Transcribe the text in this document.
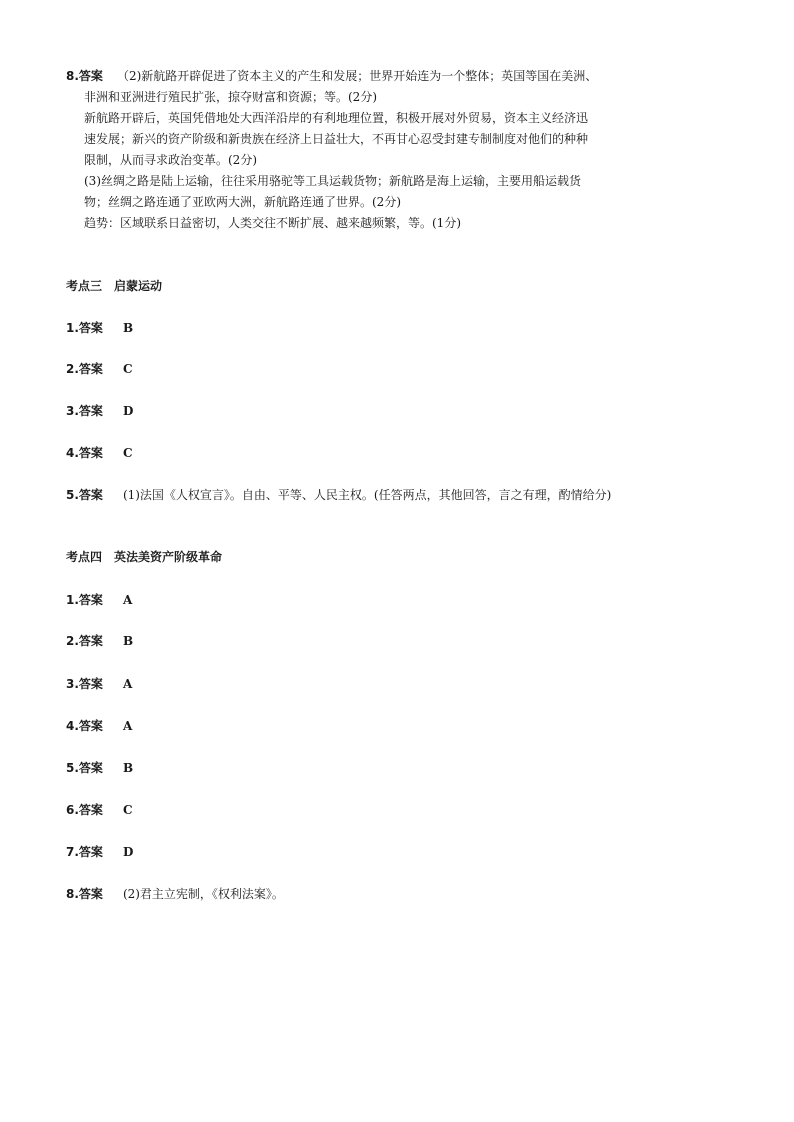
8.答案 （2)新航路开辟促进了资本主义的产生和发展；世界开始连为一个整体；英国等国在美洲、
非洲和亚洲进行殖民扩张，掠夺财富和资源；等。(2分)
新航路开辟后，英国凭借地处大西洋沿岸的有利地理位置，积极开展对外贸易，资本主义经济迅
速发展；新兴的资产阶级和新贵族在经济上日益壮大，不再甘心忍受封建专制制度对他们的种种
限制，从而寻求政治变革。(2分)
(3)丝绸之路是陆上运输，往往采用骆驼等工具运载货物；新航路是海上运输，主要用船运载货
物；丝绸之路连通了亚欧两大洲，新航路连通了世界。(2分)
趋势：区域联系日益密切，人类交往不断扩展、越来越频繁，等。(1分)
考点三 启蒙运动
1.答案 B
2.答案 C
3.答案 D
4.答案 C
5.答案 (1)法国《人权宣言》。自由、平等、人民主权。(任答两点，其他回答，言之有理，酌情给分)
考点四 英法美资产阶级革命
1.答案 A
2.答案 B
3.答案 A
4.答案 A
5.答案 B
6.答案 C
7.答案 D
8.答案 (2)君主立宪制，《权利法案》。
